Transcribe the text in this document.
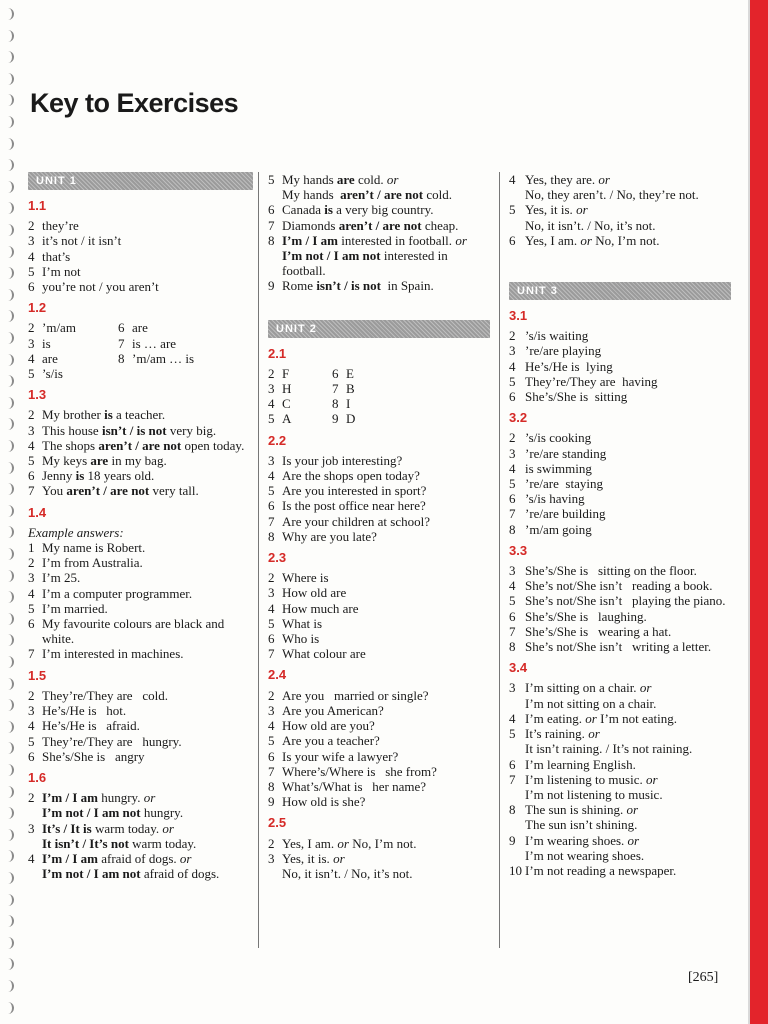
Key to Exercises
UNIT 1
1.1
2 they’re
3 it’s not / it isn’t
4 that’s
5 I’m not
6 you’re not / you aren’t
1.2
2 ’m/am	6 are
3 is	7 is … are
4 are	8 ’m/am … is
5 ’s/is
1.3
2 My brother is a teacher.
3 This house isn’t / is not very big.
4 The shops aren’t / are not open today.
5 My keys are in my bag.
6 Jenny is 18 years old.
7 You aren’t / are not very tall.
1.4
Example answers:
1 My name is Robert.
2 I’m from Australia.
3 I’m 25.
4 I’m a computer programmer.
5 I’m married.
6 My favourite colours are black and white.
7 I’m interested in machines.
1.5
2 They’re/They are   cold.
3 He’s/He is   hot.
4 He’s/He is   afraid.
5 They’re/They are   hungry.
6 She’s/She is   angry
1.6
2 I’m / I am hungry. or
I’m not / I am not hungry.
3 It’s / It is warm today. or
It isn’t / It’s not warm today.
4 I’m / I am afraid of dogs. or
I’m not / I am not afraid of dogs.
5 My hands are cold. or
My hands  aren’t / are not cold.
6 Canada is a very big country.
7 Diamonds aren’t / are not cheap.
8 I’m / I am interested in football. or
I’m not / I am not interested in football.
9 Rome isn’t / is not  in Spain.
UNIT 2
2.1
2 F	6 E
3 H	7 B
4 C	8 I
5 A	9 D
2.2
3 Is your job interesting?
4 Are the shops open today?
5 Are you interested in sport?
6 Is the post office near here?
7 Are your children at school?
8 Why are you late?
2.3
2 Where is
3 How old are
4 How much are
5 What is
6 Who is
7 What colour are
2.4
2 Are you   married or single?
3 Are you American?
4 How old are you?
5 Are you a teacher?
6 Is your wife a lawyer?
7 Where’s/Where is   she from?
8 What’s/What is   her name?
9 How old is she?
2.5
2 Yes, I am. or No, I’m not.
3 Yes, it is. or
No, it isn’t. / No, it’s not.
4 Yes, they are. or
No, they aren’t. / No, they’re not.
5 Yes, it is. or
No, it isn’t. / No, it’s not.
6 Yes, I am. or No, I’m not.
UNIT 3
3.1
2 ’s/is waiting
3 ’re/are playing
4 He’s/He is  lying
5 They’re/They are  having
6 She’s/She is  sitting
3.2
2 ’s/is cooking
3 ’re/are standing
4 is swimming
5 ’re/are  staying
6 ’s/is having
7 ’re/are building
8 ’m/am going
3.3
3 She’s/She is   sitting on the floor.
4 She’s not/She isn’t   reading a book.
5 She’s not/She isn’t   playing the piano.
6 She’s/She is   laughing.
7 She’s/She is   wearing a hat.
8 She’s not/She isn’t   writing a letter.
3.4
3 I’m sitting on a chair. or
I’m not sitting on a chair.
4 I’m eating. or I’m not eating.
5 It’s raining. or
It isn’t raining. / It’s not raining.
6 I’m learning English.
7 I’m listening to music. or
I’m not listening to music.
8 The sun is shining. or
The sun isn’t shining.
9 I’m wearing shoes. or
I’m not wearing shoes.
10 I’m not reading a newspaper.
[265]
